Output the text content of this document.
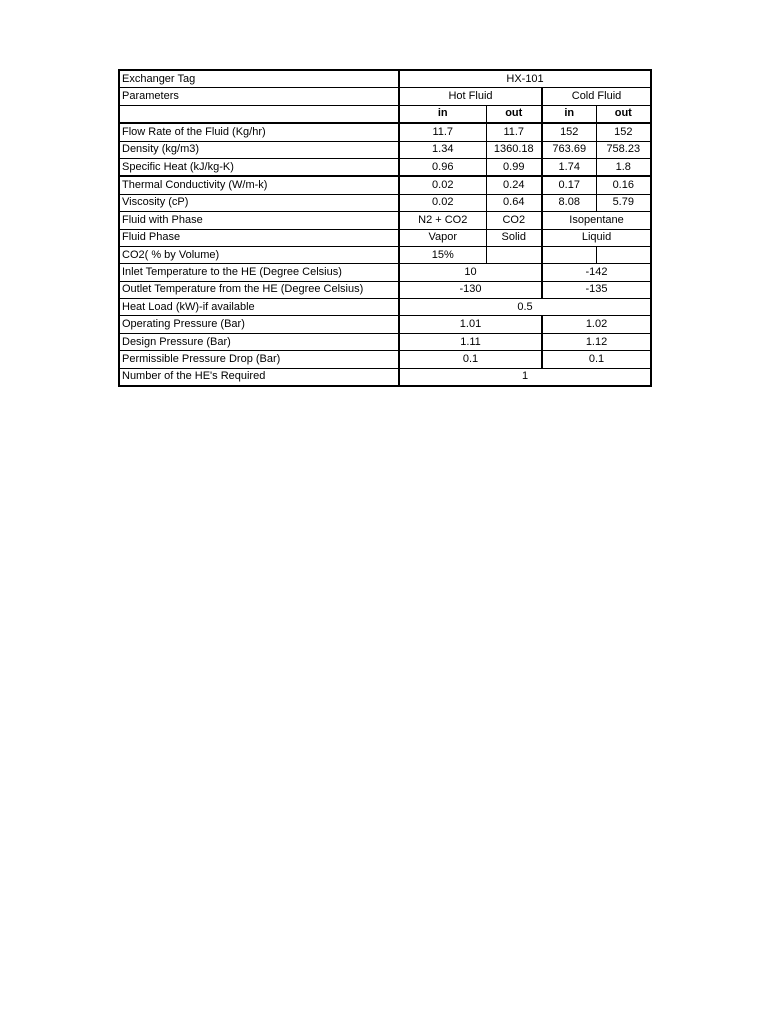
Exchanger Tag	HX-101			
Parameters	Hot Fluid		Cold Fluid	
	in	out	in	out
Flow Rate of the Fluid (Kg/hr)	11.7	11.7	152	152
Density (kg/m3)	1.34	1360.18	763.69	758.23
Specific Heat (kJ/kg-K)	0.96	0.99	1.74	1.8
Thermal Conductivity (W/m-k)	0.02	0.24	0.17	0.16
Viscosity (cP)	0.02	0.64	8.08	5.79
Fluid with Phase	N2 + CO2	CO2	Isopentane	
Fluid Phase	Vapor	Solid	Liquid	
CO2( % by Volume)	15%			
Inlet Temperature to the HE (Degree Celsius)	10		-142	
Outlet Temperature from the HE (Degree Celsius)	-130		-135	
Heat Load (kW)-if available	0.5			
Operating Pressure (Bar)	1.01		1.02	
Design Pressure (Bar)	1.11		1.12	
Permissible Pressure Drop (Bar)	0.1		0.1	
Number of the HE's Required	1			
